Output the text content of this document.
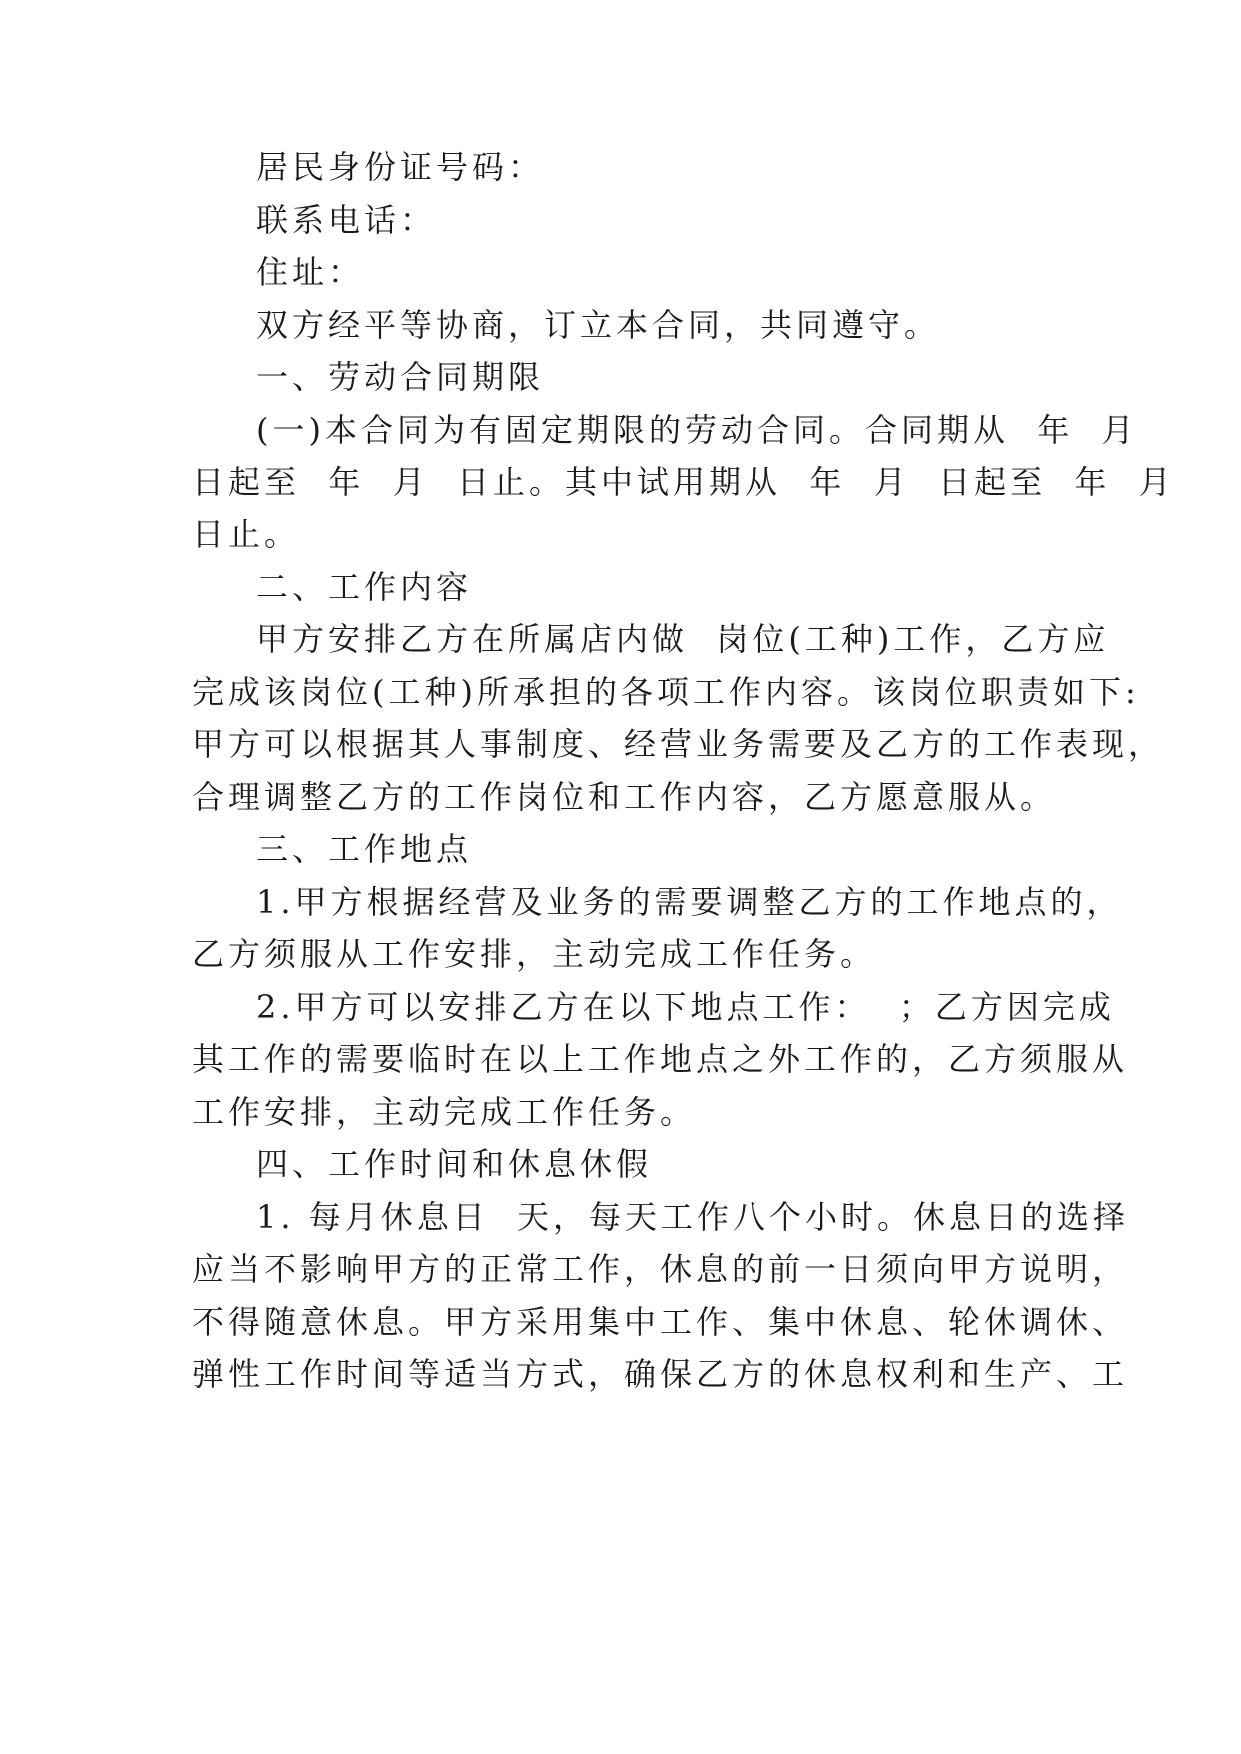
居民身份证号码：
联系电话：
住址：
双方经平等协商，订立本合同，共同遵守。
一、劳动合同期限
(一)本合同为有固定期限的劳动合同。合同期从  年  月
日起至  年  月  日止。其中试用期从  年  月  日起至  年  月
日止。
二、工作内容
甲方安排乙方在所属店内做  岗位(工种)工作，乙方应
完成该岗位(工种)所承担的各项工作内容。该岗位职责如下:
甲方可以根据其人事制度、经营业务需要及乙方的工作表现，
合理调整乙方的工作岗位和工作内容，乙方愿意服从。
三、工作地点
1.甲方根据经营及业务的需要调整乙方的工作地点的，
乙方须服从工作安排，主动完成工作任务。
2.甲方可以安排乙方在以下地点工作：  ；乙方因完成
其工作的需要临时在以上工作地点之外工作的，乙方须服从
工作安排，主动完成工作任务。
四、工作时间和休息休假
1. 每月休息日  天，每天工作八个小时。休息日的选择
应当不影响甲方的正常工作，休息的前一日须向甲方说明，
不得随意休息。甲方采用集中工作、集中休息、轮休调休、
弹性工作时间等适当方式，确保乙方的休息权利和生产、工
